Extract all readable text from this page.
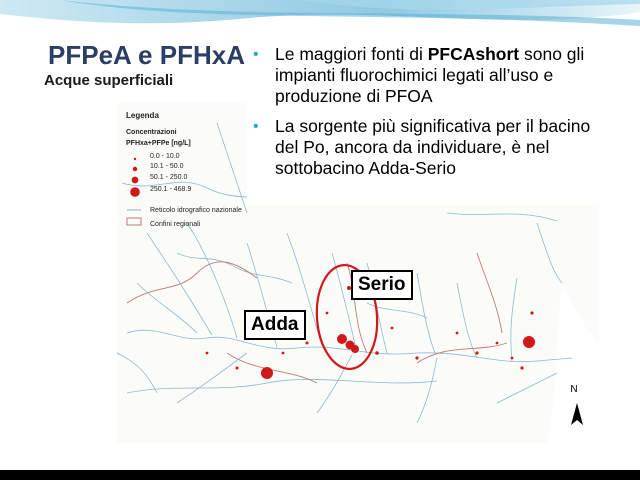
PFPeA e PFHxA
Acque superficiali
Legenda
Concentrazioni
PFHxa+PFPe [ng/L]
0.0 - 10.0
10.1 - 50.0
50.1 - 250.0
250.1 - 468.9
Reticolo idrografico nazionale
Confini regionali
N
Serio
Adda
• Le maggiori fonti di PFCAshort sono gli impianti fluorochimici legati all’uso e produzione di PFOA
• La sorgente più significativa per il bacino del Po, ancora da individuare, è nel sottobacino Adda-Serio
